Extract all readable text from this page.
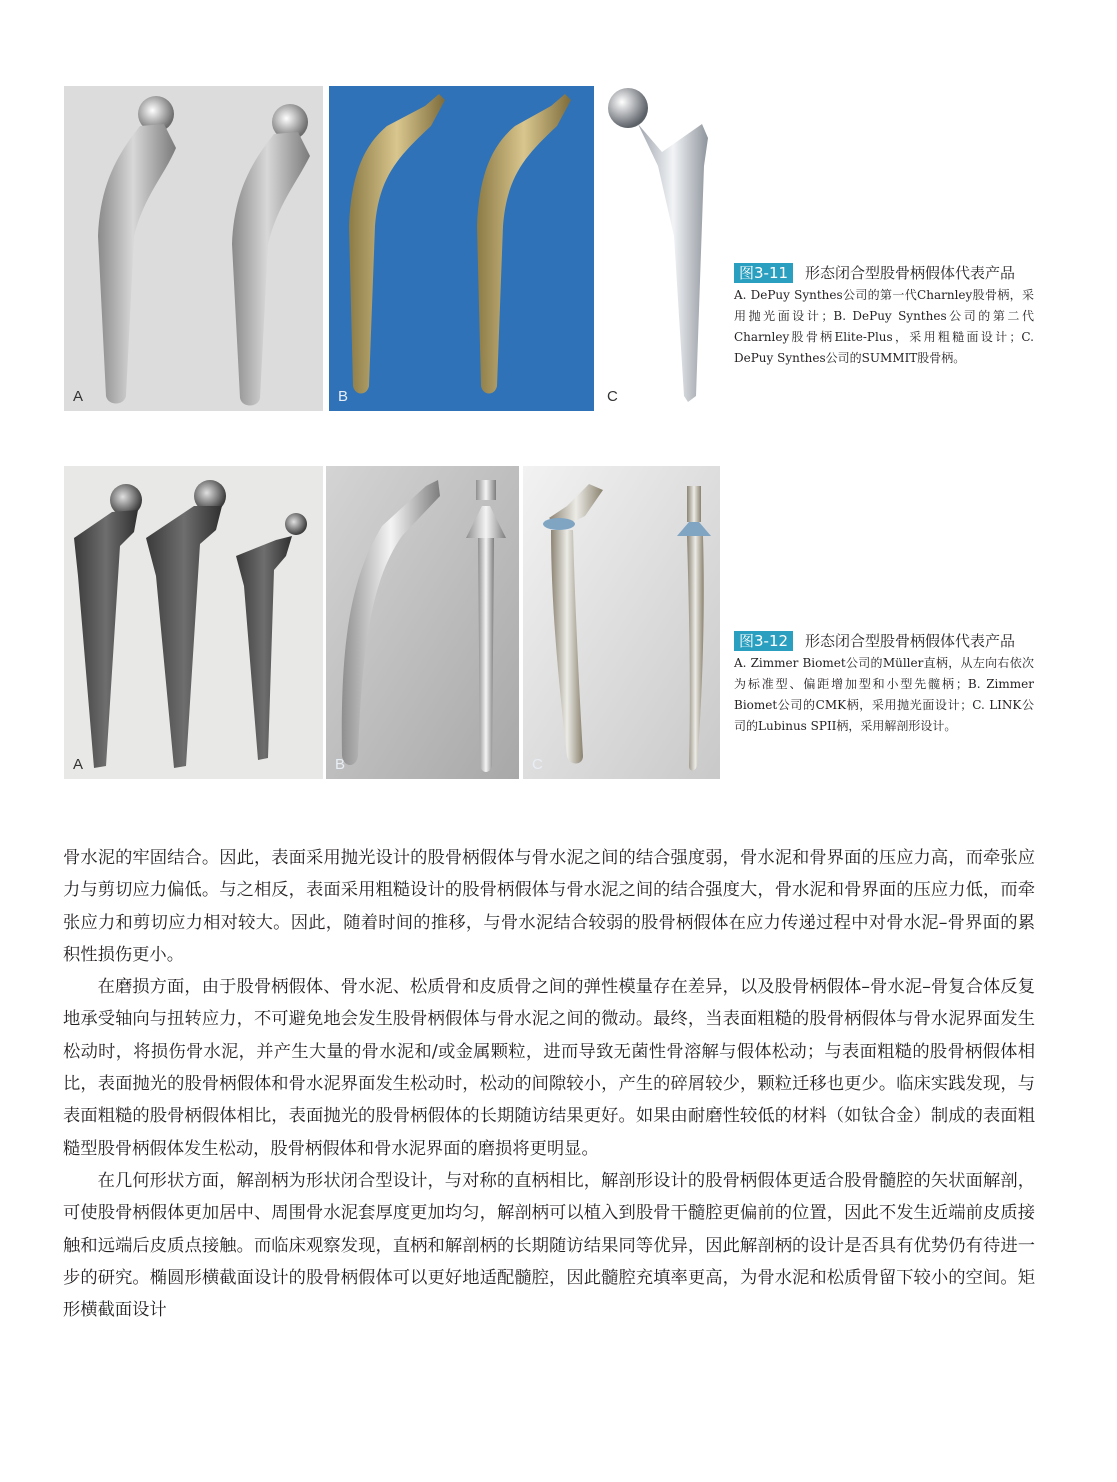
A	B	C
图3-11 形态闭合型股骨柄假体代表产品
A. DePuy Synthes公司的第一代Charnley股骨柄，采用抛光面设计；B. DePuy Synthes公司的第二代Charnley股骨柄Elite-Plus，采用粗糙面设计；C. DePuy Synthes公司的SUMMIT股骨柄。
A	B	C
图3-12 形态闭合型股骨柄假体代表产品
A. Zimmer Biomet公司的Müller直柄，从左向右依次为标准型、偏距增加型和小型先髋柄；B. Zimmer Biomet公司的CMK柄，采用抛光面设计；C. LINK公司的Lubinus SPII柄，采用解剖形设计。

骨水泥的牢固结合。因此，表面采用抛光设计的股骨柄假体与骨水泥之间的结合强度弱，骨水泥和骨界面的压应力高，而牵张应力与剪切应力偏低。与之相反，表面采用粗糙设计的股骨柄假体与骨水泥之间的结合强度大，骨水泥和骨界面的压应力低，而牵张应力和剪切应力相对较大。因此，随着时间的推移，与骨水泥结合较弱的股骨柄假体在应力传递过程中对骨水泥–骨界面的累积性损伤更小。

在磨损方面，由于股骨柄假体、骨水泥、松质骨和皮质骨之间的弹性模量存在差异，以及股骨柄假体–骨水泥–骨复合体反复地承受轴向与扭转应力，不可避免地会发生股骨柄假体与骨水泥之间的微动。最终，当表面粗糙的股骨柄假体与骨水泥界面发生松动时，将损伤骨水泥，并产生大量的骨水泥和/或金属颗粒，进而导致无菌性骨溶解与假体松动；与表面粗糙的股骨柄假体相比，表面抛光的股骨柄假体和骨水泥界面发生松动时，松动的间隙较小，产生的碎屑较少，颗粒迁移也更少。临床实践发现，与表面粗糙的股骨柄假体相比，表面抛光的股骨柄假体的长期随访结果更好。如果由耐磨性较低的材料（如钛合金）制成的表面粗糙型股骨柄假体发生松动，股骨柄假体和骨水泥界面的磨损将更明显。

在几何形状方面，解剖柄为形状闭合型设计，与对称的直柄相比，解剖形设计的股骨柄假体更适合股骨髓腔的矢状面解剖，可使股骨柄假体更加居中、周围骨水泥套厚度更加均匀，解剖柄可以植入到股骨干髓腔更偏前的位置，因此不发生近端前皮质接触和远端后皮质点接触。而临床观察发现，直柄和解剖柄的长期随访结果同等优异，因此解剖柄的设计是否具有优势仍有待进一步的研究。椭圆形横截面设计的股骨柄假体可以更好地适配髓腔，因此髓腔充填率更高，为骨水泥和松质骨留下较小的空间。矩形横截面设计
